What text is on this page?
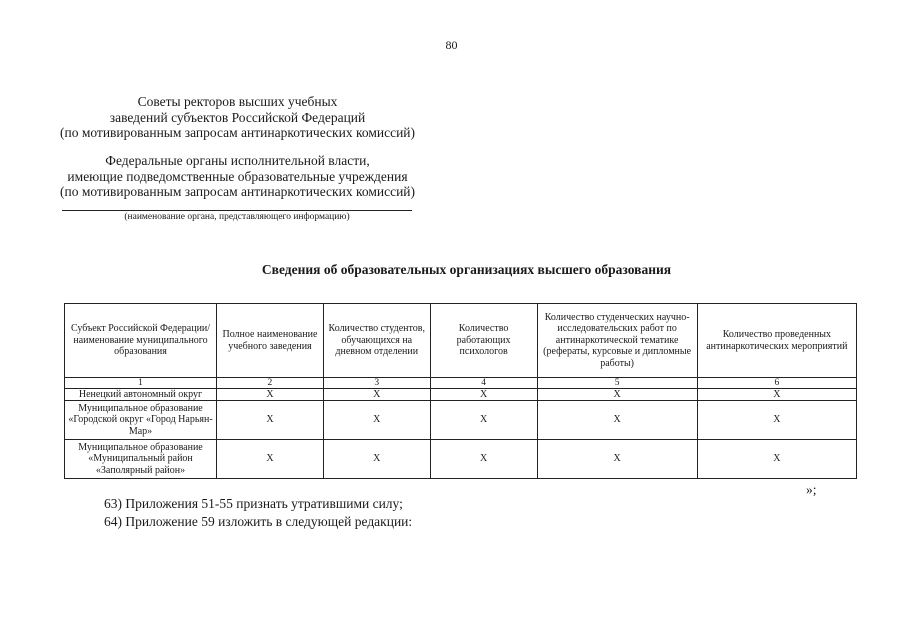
80
Советы ректоров высших учебных
заведений субъектов Российской Федераций
(по мотивированным запросам антинаркотических комиссий)
Федеральные органы исполнительной власти,
имеющие подведомственные образовательные учреждения
(по мотивированным запросам антинаркотических комиссий)
(наименование органа, представляющего информацию)
Сведения об образовательных организациях высшего образования
Субъект Российской Федерации/ наименование муниципального образования	Полное наименование учебного заведения	Количество студентов, обучающихся на дневном отделении	Количество работающих психологов	Количество студенческих научно-исследовательских работ по антинаркотической тематике (рефераты, курсовые и дипломные работы)	Количество проведенных антинаркотических мероприятий
1	2	3	4	5	6
Ненецкий автономный округ	Х	Х	Х	Х	Х
Муниципальное образование «Городской округ «Город Нарьян-Мар»	Х	Х	Х	Х	Х
Муниципальное образование «Муниципальный район «Заполярный район»	Х	Х	Х	Х	Х
»;
63) Приложения 51-55 признать утратившими силу;
64) Приложение 59 изложить в следующей редакции:
